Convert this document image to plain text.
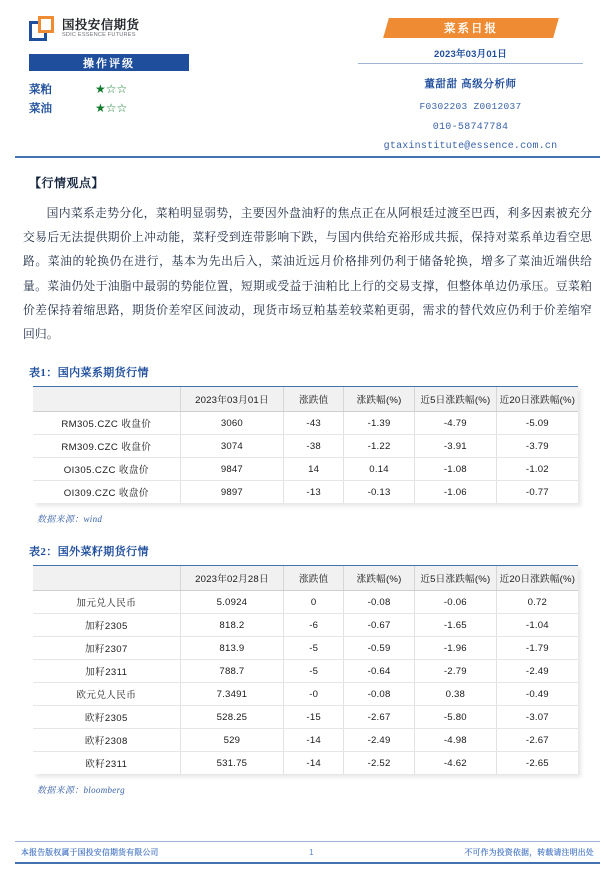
国投安信期货
SDIC ESSENCE FUTURES
操作评级
菜粕	★☆☆
菜油	★☆☆
菜系日报
2023年03月01日
董甜甜 高级分析师
F0302203 Z0012037
010-58747784
gtaxinstitute@essence.com.cn
【行情观点】
国内菜系走势分化，菜粕明显弱势，主要因外盘油籽的焦点正在从阿根廷过渡至巴西，利多因素被充分交易后无法提供期价上冲动能，菜籽受到连带影响下跌，与国内供给充裕形成共振，保持对菜系单边看空思路。菜油的轮换仍在进行，基本为先出后入，菜油近远月价格排列仍利于储备轮换，增多了菜油近端供给量。菜油仍处于油脂中最弱的势能位置，短期或受益于油粕比上行的交易支撑，但整体单边仍承压。豆菜粕价差保持着缩思路，期货价差窄区间波动，现货市场豆粕基差较菜粕更弱，需求的替代效应仍利于价差缩窄回归。
表1：国内菜系期货行情
	2023年03月01日	涨跌值	涨跌幅(%)	近5日涨跌幅(%)	近20日涨跌幅(%)
RM305.CZC 收盘价	3060	-43	-1.39	-4.79	-5.09
RM309.CZC 收盘价	3074	-38	-1.22	-3.91	-3.79
OI305.CZC 收盘价	9847	14	0.14	-1.08	-1.02
OI309.CZC 收盘价	9897	-13	-0.13	-1.06	-0.77
数据来源：wind
表2：国外菜籽期货行情
	2023年02月28日	涨跌值	涨跌幅(%)	近5日涨跌幅(%)	近20日涨跌幅(%)
加元兑人民币	5.0924	0	-0.08	-0.06	0.72
加籽2305	818.2	-6	-0.67	-1.65	-1.04
加籽2307	813.9	-5	-0.59	-1.96	-1.79
加籽2311	788.7	-5	-0.64	-2.79	-2.49
欧元兑人民币	7.3491	-0	-0.08	0.38	-0.49
欧籽2305	528.25	-15	-2.67	-5.80	-3.07
欧籽2308	529	-14	-2.49	-4.98	-2.67
欧籽2311	531.75	-14	-2.52	-4.62	-2.65
数据来源：bloomberg
本报告版权属于国投安信期货有限公司	1	不可作为投资依据，转载请注明出处
